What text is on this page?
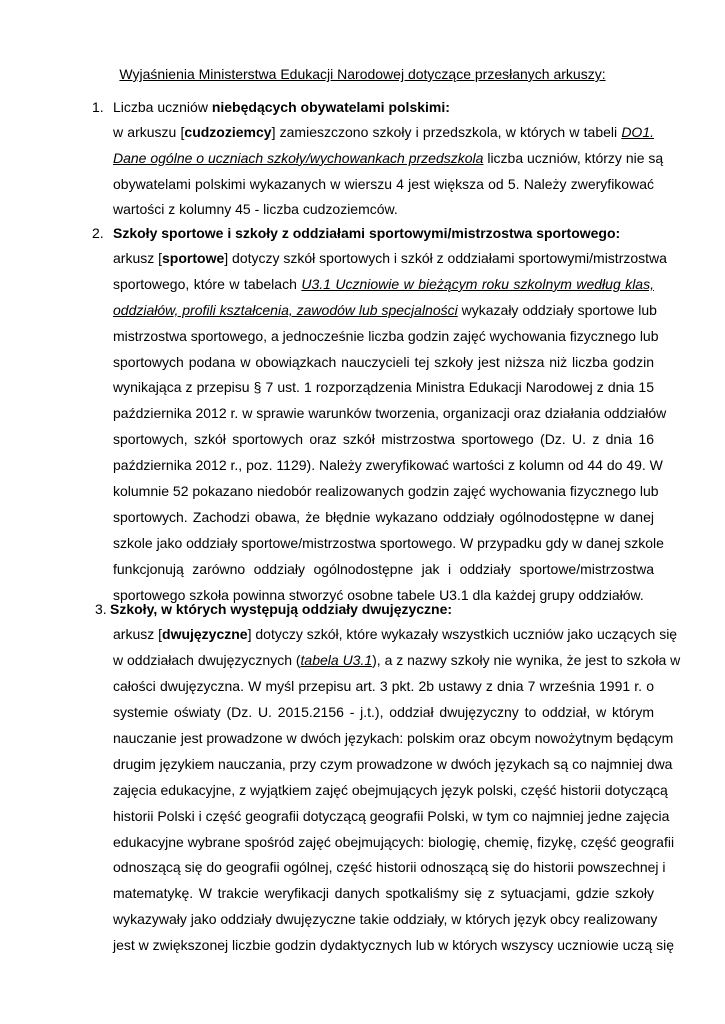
Wyjaśnienia Ministerstwa Edukacji Narodowej dotyczące przesłanych arkuszy:
1. Liczba uczniów niebędących obywatelami polskimi:
w arkuszu [cudzoziemcy] zamieszczono szkoły i przedszkola, w których w tabeli DO1.
Dane ogólne o uczniach szkoły/wychowankach przedszkola liczba uczniów, którzy nie są
obywatelami polskimi wykazanych w wierszu 4 jest większa od 5. Należy zweryfikować
wartości z kolumny 45 - liczba cudzoziemców.
2. Szkoły sportowe i szkoły z oddziałami sportowymi/mistrzostwa sportowego:
arkusz [sportowe] dotyczy szkół sportowych i szkół z oddziałami sportowymi/mistrzostwa
sportowego, które w tabelach U3.1 Uczniowie w bieżącym roku szkolnym według klas,
oddziałów, profili kształcenia, zawodów lub specjalności wykazały oddziały sportowe lub
mistrzostwa sportowego, a jednocześnie liczba godzin zajęć wychowania fizycznego lub
sportowych podana w obowiązkach nauczycieli tej szkoły jest niższa niż liczba godzin
wynikająca z przepisu § 7 ust. 1 rozporządzenia Ministra Edukacji Narodowej z dnia 15
października 2012 r. w sprawie warunków tworzenia, organizacji oraz działania oddziałów
sportowych, szkół sportowych oraz szkół mistrzostwa sportowego (Dz. U. z dnia 16
października 2012 r., poz. 1129). Należy zweryfikować wartości z kolumn od 44 do 49. W
kolumnie 52 pokazano niedobór realizowanych godzin zajęć wychowania fizycznego lub
sportowych. Zachodzi obawa, że błędnie wykazano oddziały ogólnodostępne w danej
szkole jako oddziały sportowe/mistrzostwa sportowego. W przypadku gdy w danej szkole
funkcjonują zarówno oddziały ogólnodostępne jak i oddziały sportowe/mistrzostwa
sportowego szkoła powinna stworzyć osobne tabele U3.1 dla każdej grupy oddziałów.
3. Szkoły, w których występują oddziały dwujęzyczne:
arkusz [dwujęzyczne] dotyczy szkół, które wykazały wszystkich uczniów jako uczących się
w oddziałach dwujęzycznych (tabela U3.1), a z nazwy szkoły nie wynika, że jest to szkoła w
całości dwujęzyczna. W myśl przepisu art. 3 pkt. 2b ustawy z dnia 7 września 1991 r. o
systemie oświaty (Dz. U. 2015.2156 - j.t.), oddział dwujęzyczny to oddział, w którym
nauczanie jest prowadzone w dwóch językach: polskim oraz obcym nowożytnym będącym
drugim językiem nauczania, przy czym prowadzone w dwóch językach są co najmniej dwa
zajęcia edukacyjne, z wyjątkiem zajęć obejmujących język polski, część historii dotyczącą
historii Polski i część geografii dotyczącą geografii Polski, w tym co najmniej jedne zajęcia
edukacyjne wybrane spośród zajęć obejmujących: biologię, chemię, fizykę, część geografii
odnoszącą się do geografii ogólnej, część historii odnoszącą się do historii powszechnej i
matematykę. W trakcie weryfikacji danych spotkaliśmy się z sytuacjami, gdzie szkoły
wykazywały jako oddziały dwujęzyczne takie oddziały, w których język obcy realizowany
jest w zwiększonej liczbie godzin dydaktycznych lub w których wszyscy uczniowie uczą się
